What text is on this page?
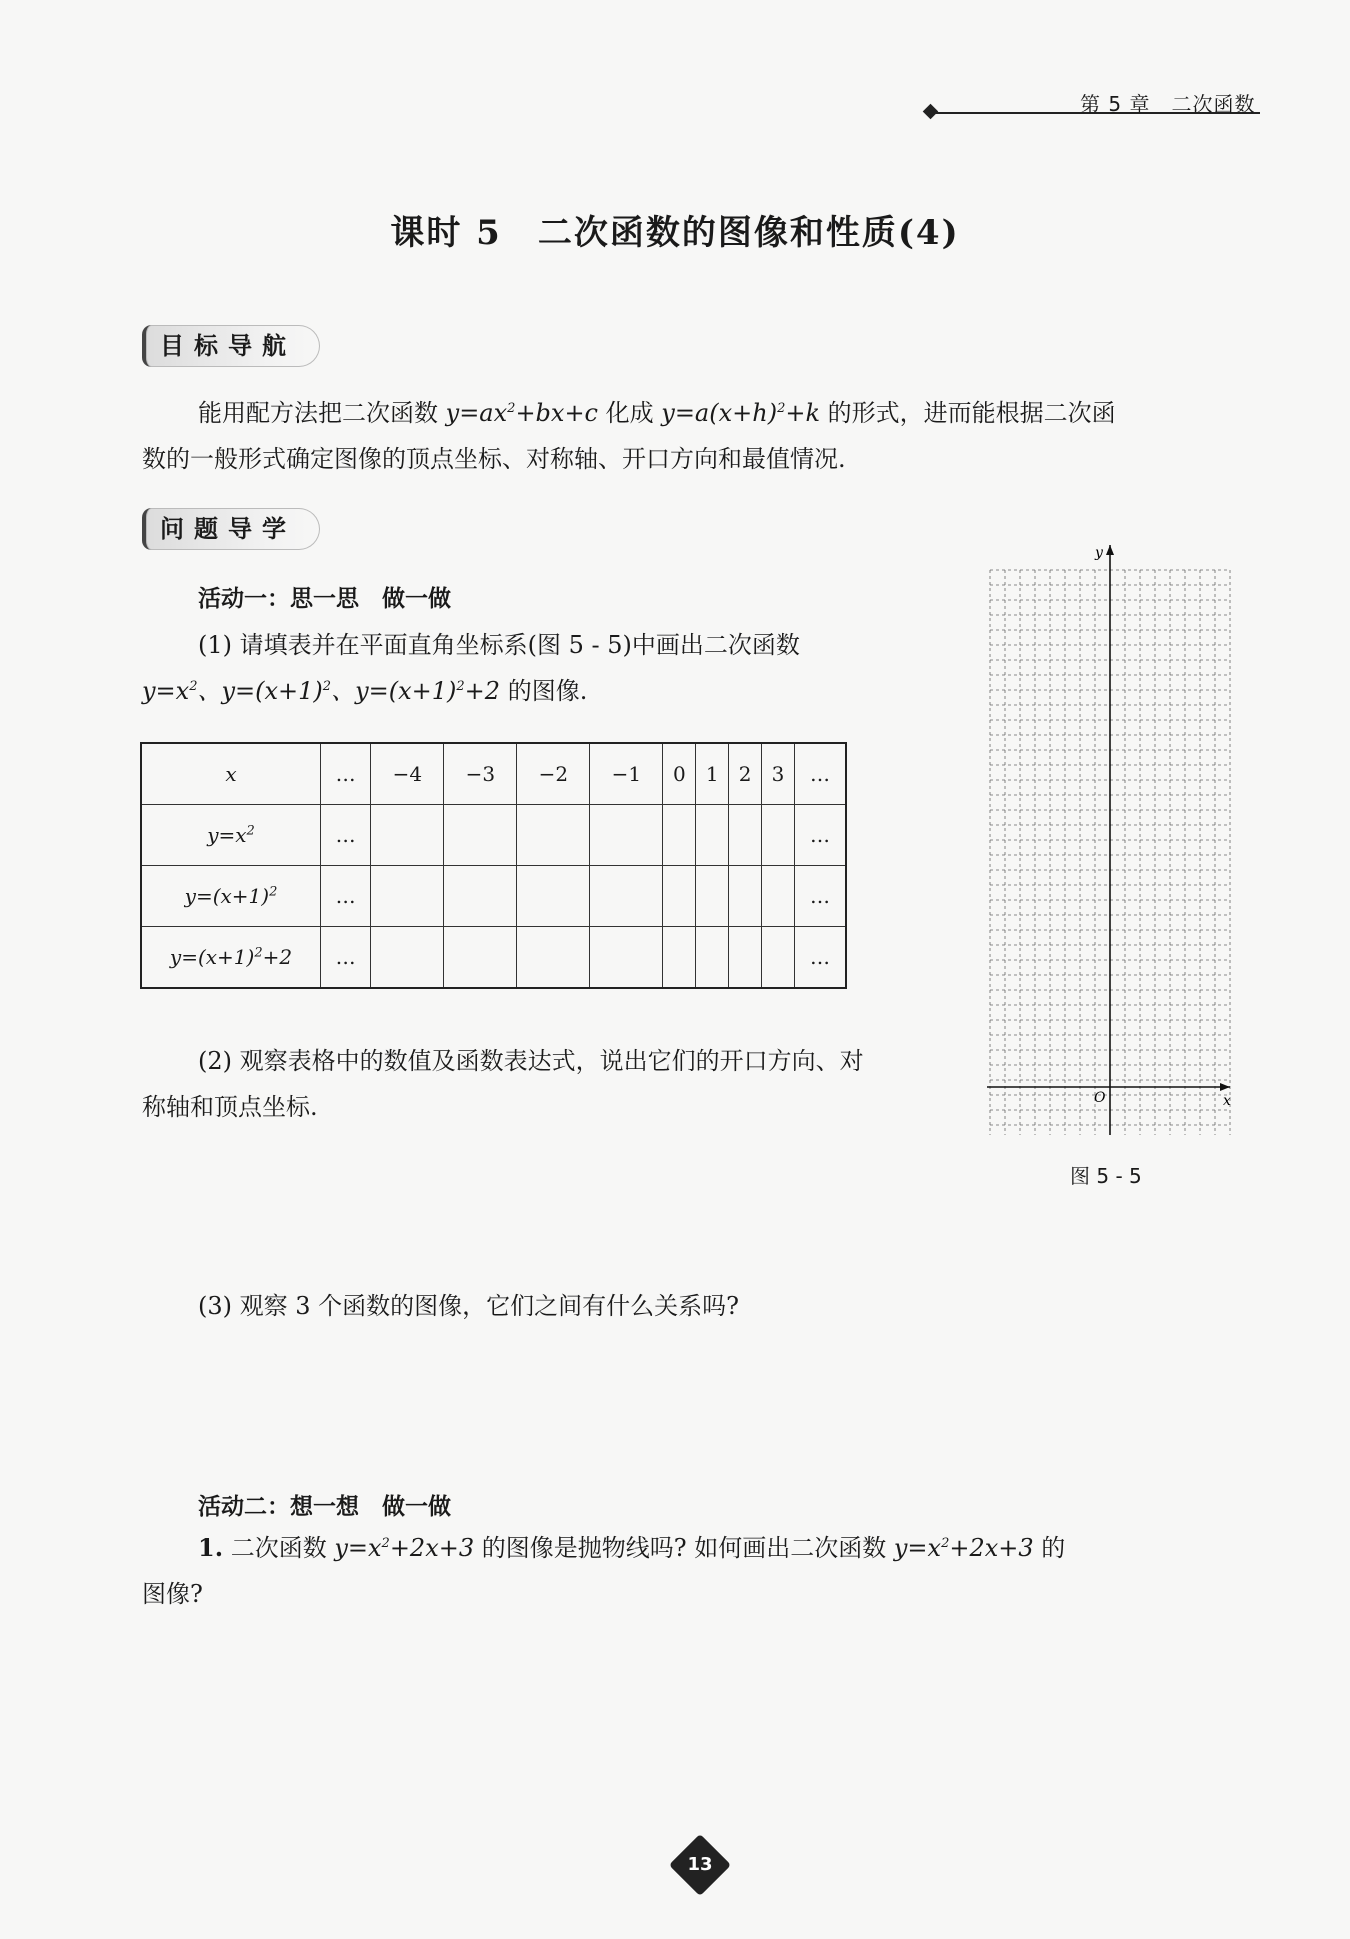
第 5 章　二次函数
课时 5　二次函数的图像和性质(4)
目标导航
能用配方法把二次函数 $y=ax^2+bx+c$ 化成 $y=a(x+h)^2+k$ 的形式，进而能根据二次函
数的一般形式确定图像的顶点坐标、对称轴、开口方向和最值情况.
问题导学
活动一：思一思　做一做
(1) 请填表并在平面直角坐标系(图 5 - 5)中画出二次函数
$y=x^2$、$y=(x+1)^2$、$y=(x+1)^2+2$ 的图像.
x	…	−4	−3	−2	−1	0	1	2	3	…
$y=x^2$	…									…
$y=(x+1)^2$	…									…
$y=(x+1)^2+2$	…									…
(2) 观察表格中的数值及函数表达式，说出它们的开口方向、对
称轴和顶点坐标.	x
y
O
图 5 - 5
(3) 观察 3 个函数的图像，它们之间有什么关系吗?
活动二：想一想　做一做
1. 二次函数 $y=x^2+2x+3$ 的图像是抛物线吗? 如何画出二次函数 $y=x^2+2x+3$ 的
图像?
13
